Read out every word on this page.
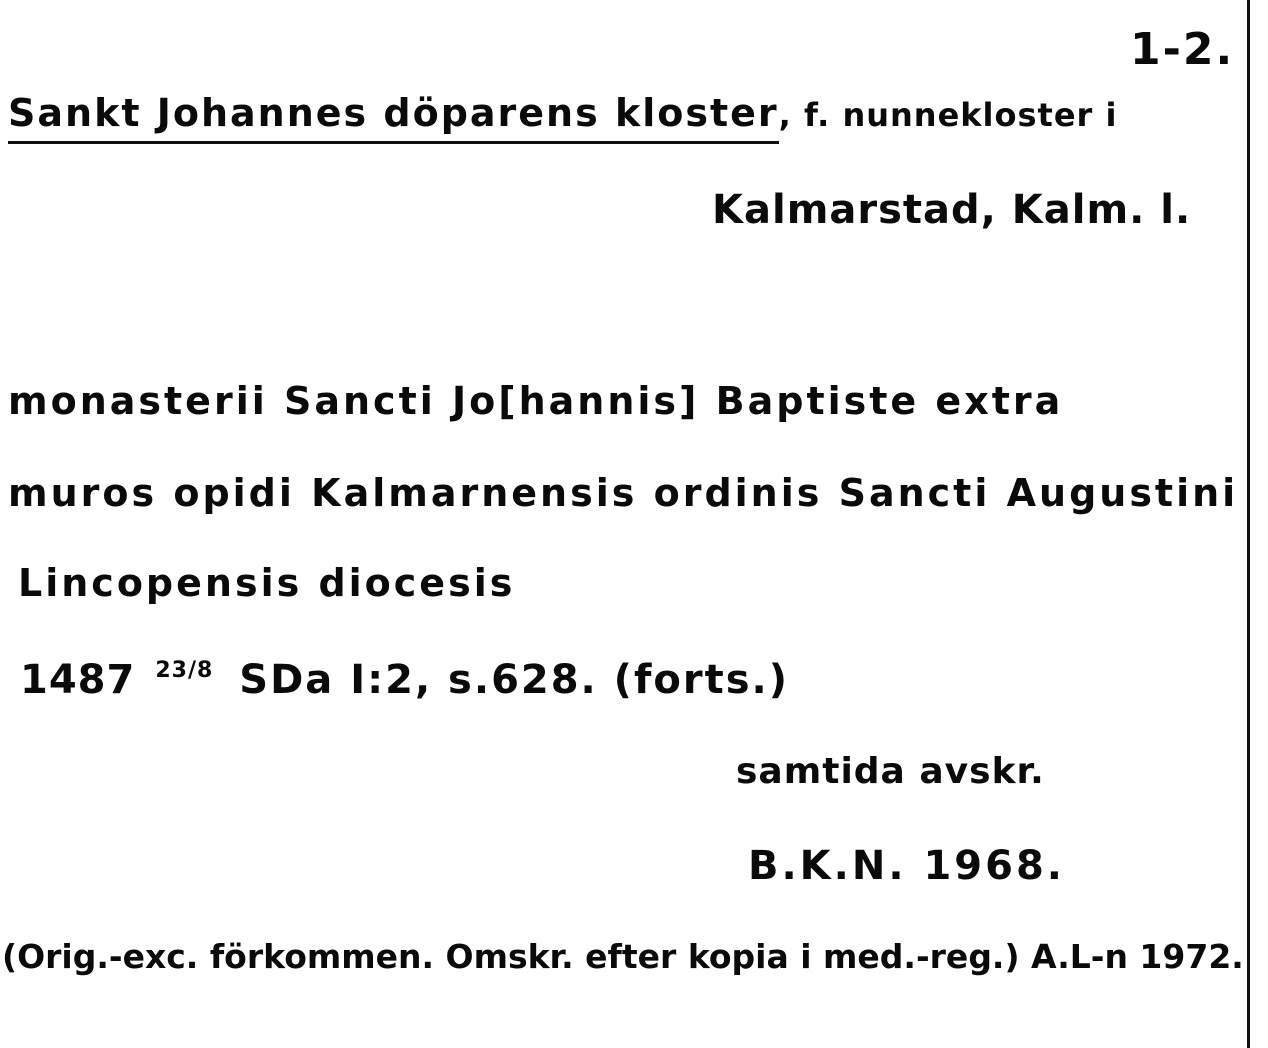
1-2.
Sankt Johannes döparens kloster, f. nunnekloster i
Kalmarstad, Kalm. l.
monasterii Sancti Jo[hannis] Baptiste extra
muros opidi Kalmarnensis ordinis Sancti Augustini
Lincopensis diocesis
1487 $^{23/8}$ SDa I:2, s.628. (forts.)
samtida avskr.
B.K.N. 1968.
(Orig.-exc. förkommen. Omskr. efter kopia i med.-reg.) A.L-n 1972.
